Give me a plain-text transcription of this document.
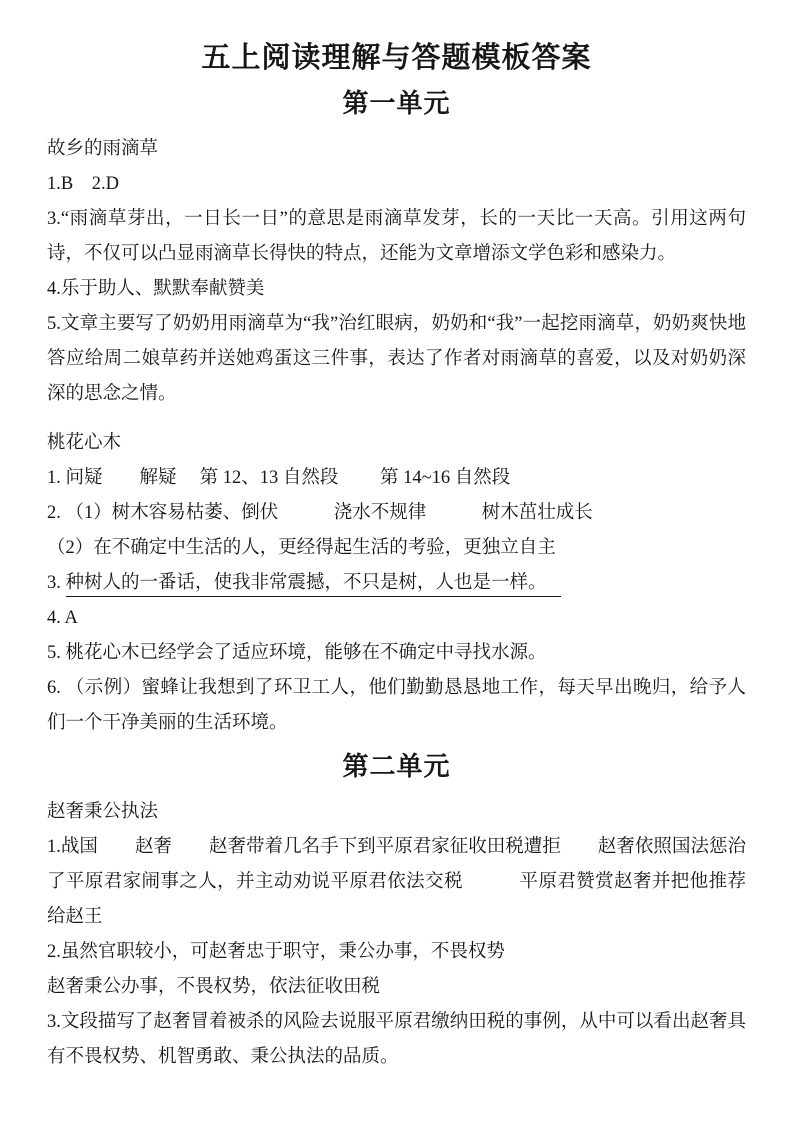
五上阅读理解与答题模板答案
第一单元

故乡的雨滴草

1.B　2.D

3.“雨滴草芽出，一日长一日”的意思是雨滴草发芽，长的一天比一天高。引用这两句诗，不仅可以凸显雨滴草长得快的特点，还能为文章增添文学色彩和感染力。

4.乐于助人、默默奉献赞美

5.文章主要写了奶奶用雨滴草为“我”治红眼病，奶奶和“我”一起挖雨滴草，奶奶爽快地答应给周二娘草药并送她鸡蛋这三件事，表达了作者对雨滴草的喜爱，以及对奶奶深深的思念之情。

桃花心木

1. 问疑　　解疑　 第 12、13 自然段　　 第 14~16 自然段

2. （1）树木容易枯萎、倒伏　　　浇水不规律　　　树木茁壮成长

（2）在不确定中生活的人，更经得起生活的考验，更独立自主

3. 种树人的一番话，使我非常震撼，不只是树，人也是一样。

4. A

5. 桃花心木已经学会了适应环境，能够在不确定中寻找水源。

6. （示例）蜜蜂让我想到了环卫工人，他们勤勤恳恳地工作，每天早出晚归，给予人们一个干净美丽的生活环境。

第二单元

赵奢秉公执法

1.战国　　赵奢　　赵奢带着几名手下到平原君家征收田税遭拒　　赵奢依照国法惩治了平原君家闹事之人，并主动劝说平原君依法交税　　　平原君赞赏赵奢并把他推荐给赵王

2.虽然官职较小，可赵奢忠于职守，秉公办事，不畏权势

赵奢秉公办事，不畏权势，依法征收田税

3.文段描写了赵奢冒着被杀的风险去说服平原君缴纳田税的事例，从中可以看出赵奢具有不畏权势、机智勇敢、秉公执法的品质。
